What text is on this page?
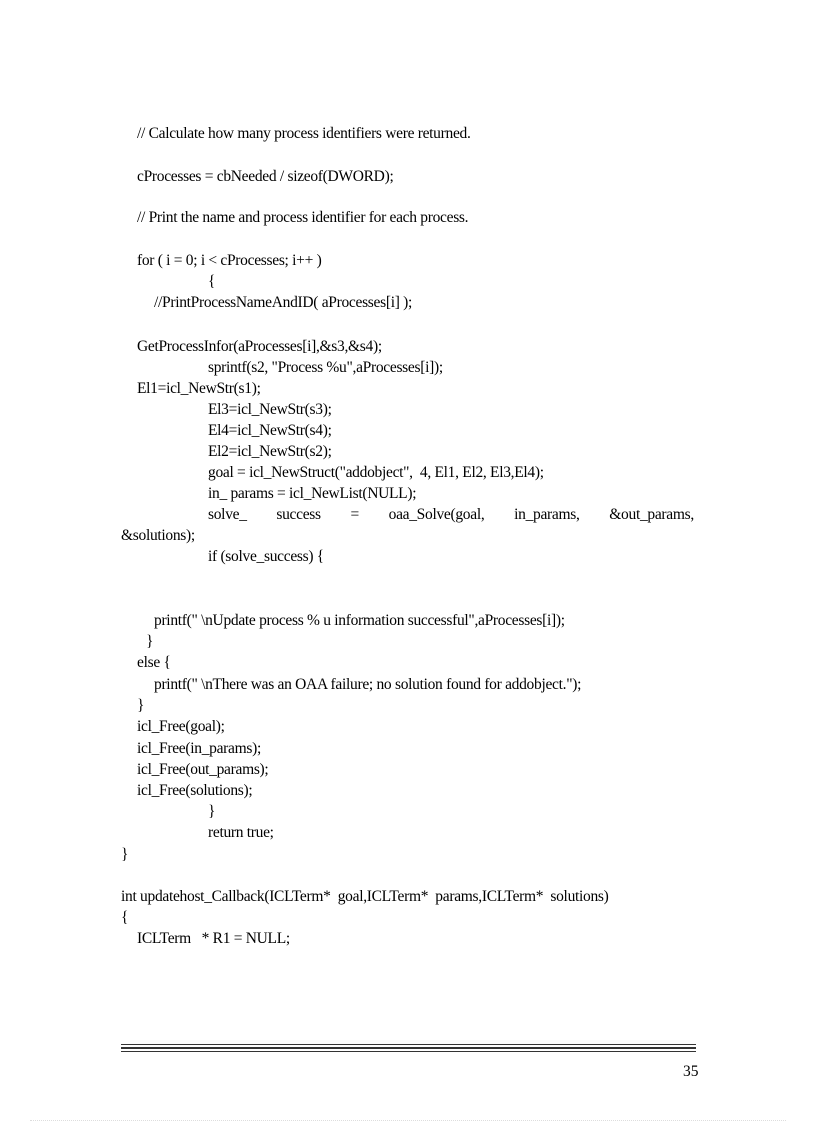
// Calculate how many process identifiers were returned.
cProcesses = cbNeeded / sizeof(DWORD);
// Print the name and process identifier for each process.
for ( i = 0; i < cProcesses; i++ )
{
//PrintProcessNameAndID( aProcesses[i] );
GetProcessInfor(aProcesses[i],&s3,&s4);
sprintf(s2, "Process %u",aProcesses[i]);
El1=icl_NewStr(s1);
El3=icl_NewStr(s3);
El4=icl_NewStr(s4);
El2=icl_NewStr(s2);
goal = icl_NewStruct("addobject",  4, El1, El2, El3,El4);
in_ params = icl_NewList(NULL);
solve_ success = oaa_Solve(goal, in_params, &out_params,
&solutions);
if (solve_success) {
printf(" \nUpdate process % u information successful",aProcesses[i]);
}
else {
printf(" \nThere was an OAA failure; no solution found for addobject.");
}
icl_Free(goal);
icl_Free(in_params);
icl_Free(out_params);
icl_Free(solutions);
}
return true;
}
int updatehost_Callback(ICLTerm*  goal,ICLTerm*  params,ICLTerm*  solutions)
{
ICLTerm   * R1 = NULL;
35
